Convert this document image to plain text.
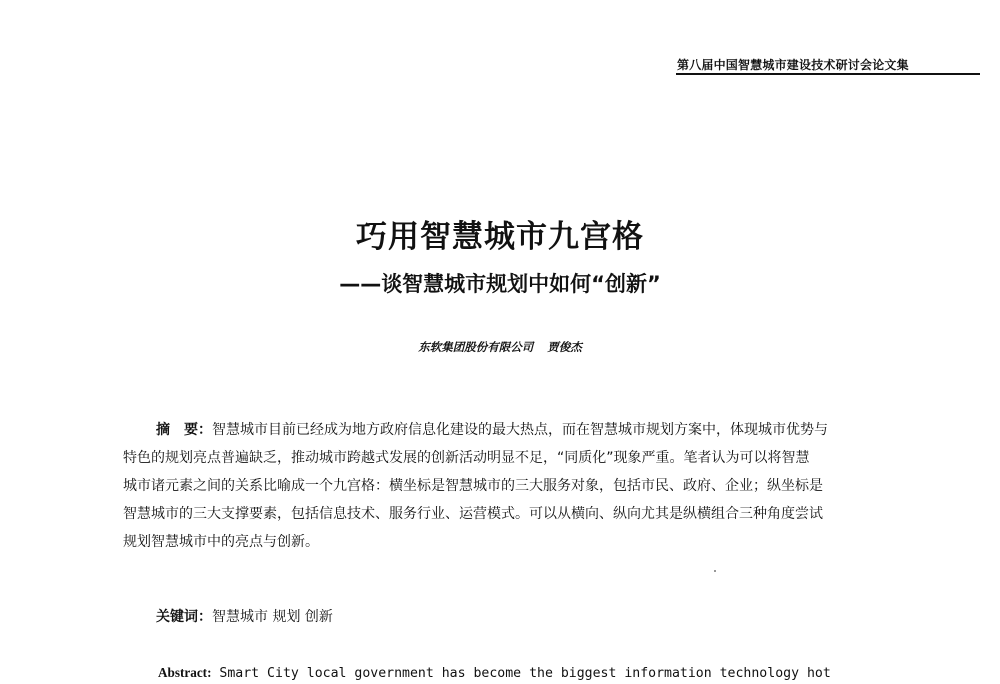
第八届中国智慧城市建设技术研讨会论文集
巧用智慧城市九宫格
——谈智慧城市规划中如何“创新”
东软集团股份有限公司 贾俊杰
摘　要：智慧城市目前已经成为地方政府信息化建设的最大热点，而在智慧城市规划方案中，体现城市优势与
特色的规划亮点普遍缺乏，推动城市跨越式发展的创新活动明显不足，“同质化”现象严重。笔者认为可以将智慧
城市诸元素之间的关系比喻成一个九宫格：横坐标是智慧城市的三大服务对象，包括市民、政府、企业；纵坐标是
智慧城市的三大支撑要素，包括信息技术、服务行业、运营模式。可以从横向、纵向尤其是纵横组合三种角度尝试
规划智慧城市中的亮点与创新。
关键词：智慧城市 规划 创新
Abstract: Smart City local government has become the biggest information technology hot
